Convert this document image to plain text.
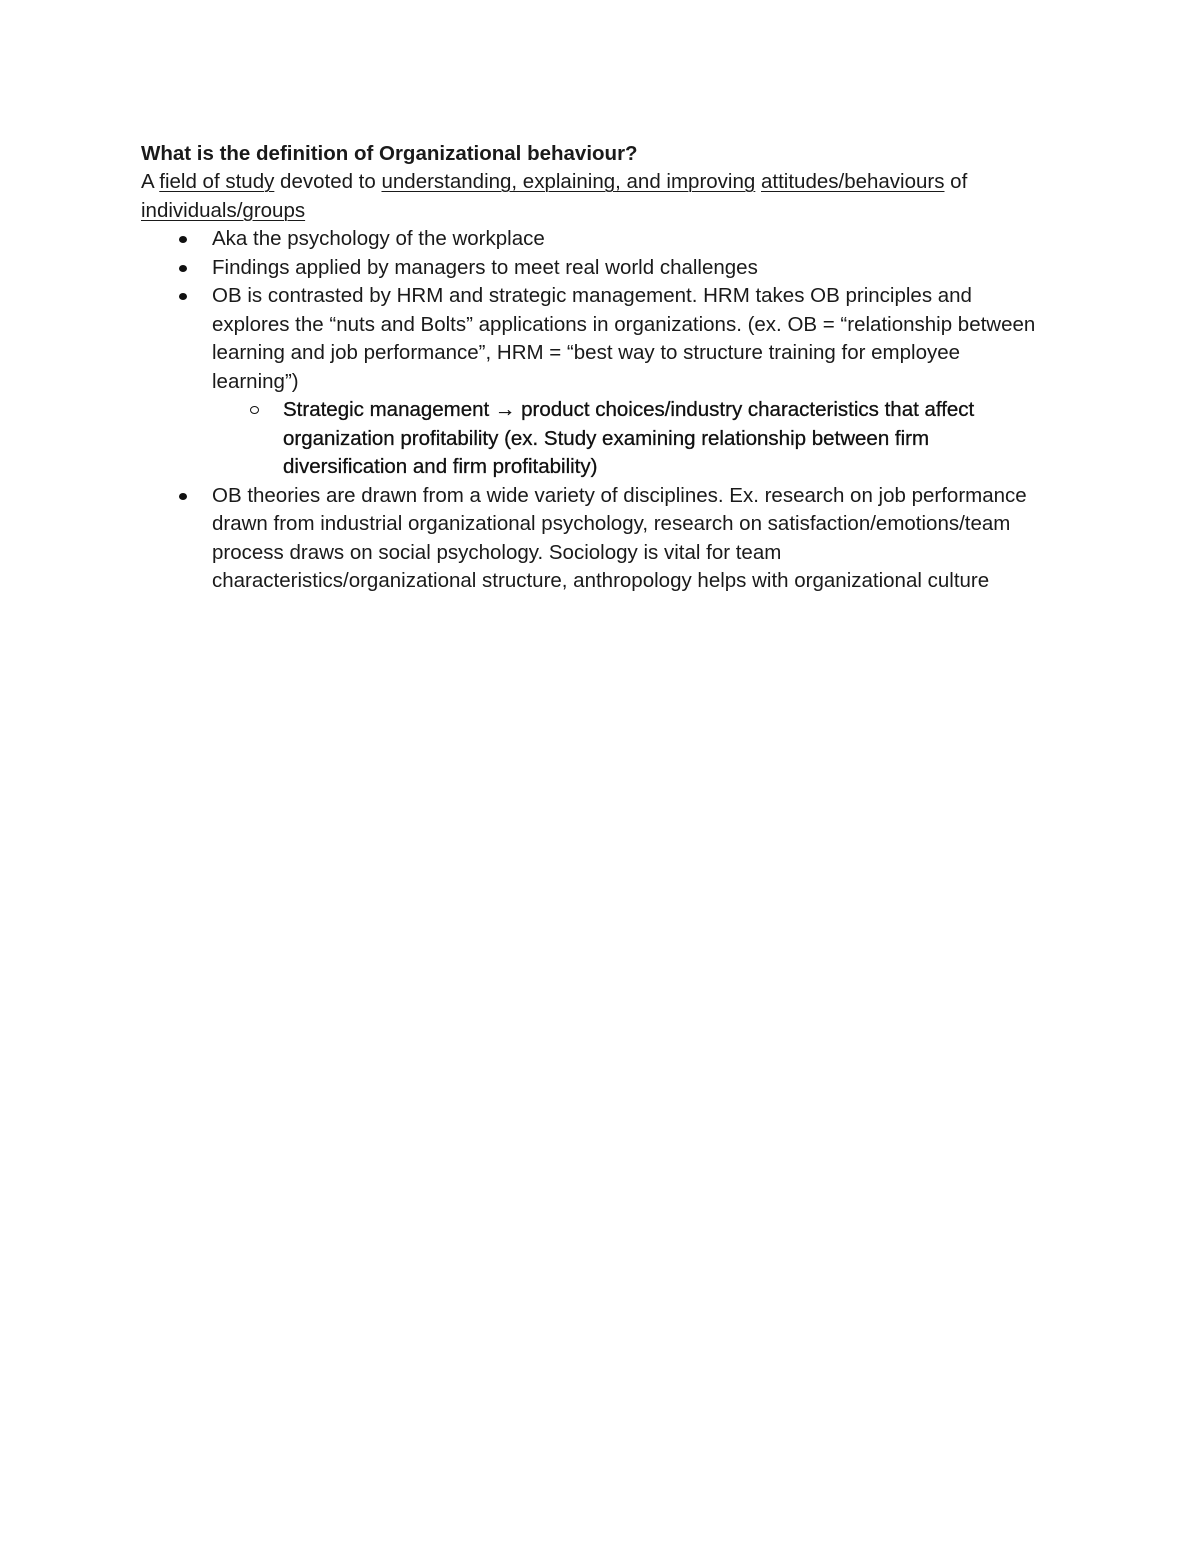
What is the definition of Organizational behaviour?

A field of study devoted to understanding, explaining, and improving attitudes/behaviours of individuals/groups

Aka the psychology of the workplace
Findings applied by managers to meet real world challenges
OB is contrasted by HRM and strategic management. HRM takes OB principles and explores the “nuts and Bolts” applications in organizations. (ex. OB = “relationship between learning and job performance”, HRM = “best way to structure training for employee learning”)
Strategic management → product choices/industry characteristics that affect organization profitability (ex. Study examining relationship between firm diversification and firm profitability)
OB theories are drawn from a wide variety of disciplines. Ex. research on job performance drawn from industrial organizational psychology, research on satisfaction/emotions/team process draws on social psychology. Sociology is vital for team characteristics/organizational structure, anthropology helps with organizational culture
